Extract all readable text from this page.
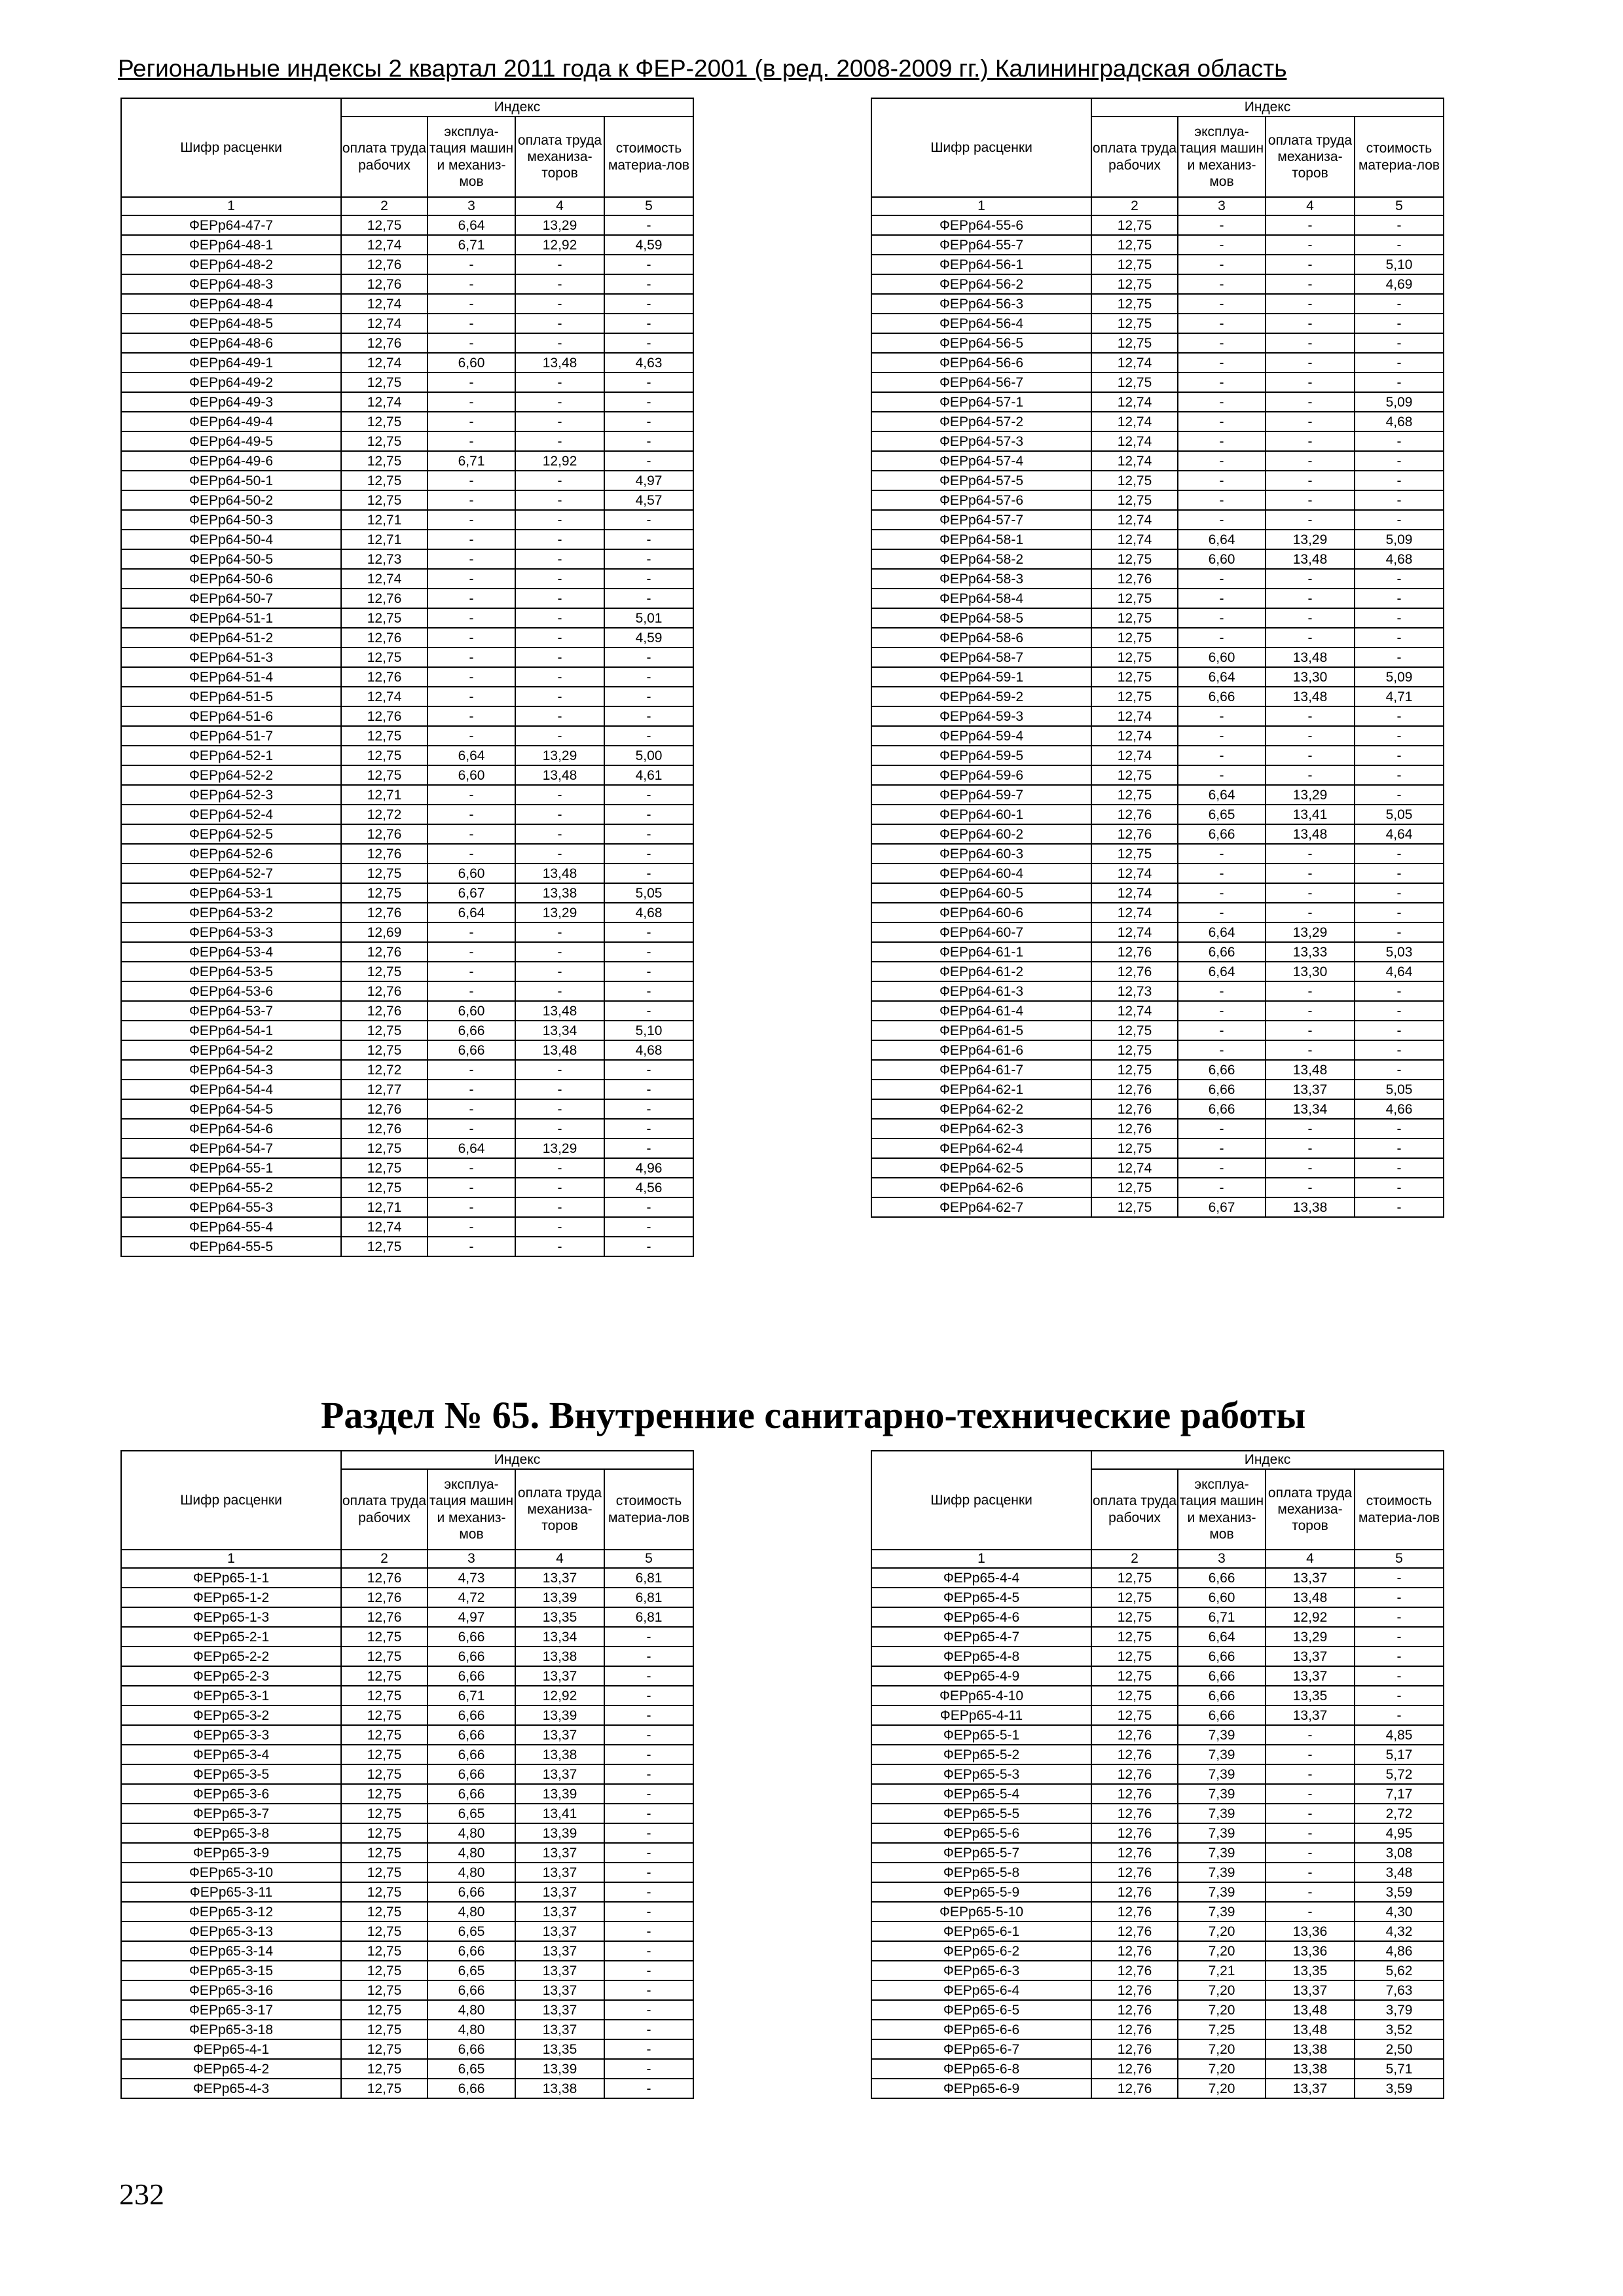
Региональные индексы 2 квартал 2011 года к ФЕР-2001 (в ред. 2008-2009 гг.) Калининградская область
Шифр расценки	Индекс			
	оплата труда рабочих	эксплуа-тация машин и механиз-мов	оплата труда механиза-торов	стоимость материа-лов
1	2	3	4	5
ФЕРр64-47-7	12,75	6,64	13,29	-
ФЕРр64-48-1	12,74	6,71	12,92	4,59
ФЕРр64-48-2	12,76	-	-	-
ФЕРр64-48-3	12,76	-	-	-
ФЕРр64-48-4	12,74	-	-	-
ФЕРр64-48-5	12,74	-	-	-
ФЕРр64-48-6	12,76	-	-	-
ФЕРр64-49-1	12,74	6,60	13,48	4,63
ФЕРр64-49-2	12,75	-	-	-
ФЕРр64-49-3	12,74	-	-	-
ФЕРр64-49-4	12,75	-	-	-
ФЕРр64-49-5	12,75	-	-	-
ФЕРр64-49-6	12,75	6,71	12,92	-
ФЕРр64-50-1	12,75	-	-	4,97
ФЕРр64-50-2	12,75	-	-	4,57
ФЕРр64-50-3	12,71	-	-	-
ФЕРр64-50-4	12,71	-	-	-
ФЕРр64-50-5	12,73	-	-	-
ФЕРр64-50-6	12,74	-	-	-
ФЕРр64-50-7	12,76	-	-	-
ФЕРр64-51-1	12,75	-	-	5,01
ФЕРр64-51-2	12,76	-	-	4,59
ФЕРр64-51-3	12,75	-	-	-
ФЕРр64-51-4	12,76	-	-	-
ФЕРр64-51-5	12,74	-	-	-
ФЕРр64-51-6	12,76	-	-	-
ФЕРр64-51-7	12,75	-	-	-
ФЕРр64-52-1	12,75	6,64	13,29	5,00
ФЕРр64-52-2	12,75	6,60	13,48	4,61
ФЕРр64-52-3	12,71	-	-	-
ФЕРр64-52-4	12,72	-	-	-
ФЕРр64-52-5	12,76	-	-	-
ФЕРр64-52-6	12,76	-	-	-
ФЕРр64-52-7	12,75	6,60	13,48	-
ФЕРр64-53-1	12,75	6,67	13,38	5,05
ФЕРр64-53-2	12,76	6,64	13,29	4,68
ФЕРр64-53-3	12,69	-	-	-
ФЕРр64-53-4	12,76	-	-	-
ФЕРр64-53-5	12,75	-	-	-
ФЕРр64-53-6	12,76	-	-	-
ФЕРр64-53-7	12,76	6,60	13,48	-
ФЕРр64-54-1	12,75	6,66	13,34	5,10
ФЕРр64-54-2	12,75	6,66	13,48	4,68
ФЕРр64-54-3	12,72	-	-	-
ФЕРр64-54-4	12,77	-	-	-
ФЕРр64-54-5	12,76	-	-	-
ФЕРр64-54-6	12,76	-	-	-
ФЕРр64-54-7	12,75	6,64	13,29	-
ФЕРр64-55-1	12,75	-	-	4,96
ФЕРр64-55-2	12,75	-	-	4,56
ФЕРр64-55-3	12,71	-	-	-
ФЕРр64-55-4	12,74	-	-	-
ФЕРр64-55-5	12,75	-	-	-
Шифр расценки	Индекс			
	оплата труда рабочих	эксплуа-тация машин и механиз-мов	оплата труда механиза-торов	стоимость материа-лов
1	2	3	4	5
ФЕРр64-55-6	12,75	-	-	-
ФЕРр64-55-7	12,75	-	-	-
ФЕРр64-56-1	12,75	-	-	5,10
ФЕРр64-56-2	12,75	-	-	4,69
ФЕРр64-56-3	12,75	-	-	-
ФЕРр64-56-4	12,75	-	-	-
ФЕРр64-56-5	12,75	-	-	-
ФЕРр64-56-6	12,74	-	-	-
ФЕРр64-56-7	12,75	-	-	-
ФЕРр64-57-1	12,74	-	-	5,09
ФЕРр64-57-2	12,74	-	-	4,68
ФЕРр64-57-3	12,74	-	-	-
ФЕРр64-57-4	12,74	-	-	-
ФЕРр64-57-5	12,75	-	-	-
ФЕРр64-57-6	12,75	-	-	-
ФЕРр64-57-7	12,74	-	-	-
ФЕРр64-58-1	12,74	6,64	13,29	5,09
ФЕРр64-58-2	12,75	6,60	13,48	4,68
ФЕРр64-58-3	12,76	-	-	-
ФЕРр64-58-4	12,75	-	-	-
ФЕРр64-58-5	12,75	-	-	-
ФЕРр64-58-6	12,75	-	-	-
ФЕРр64-58-7	12,75	6,60	13,48	-
ФЕРр64-59-1	12,75	6,64	13,30	5,09
ФЕРр64-59-2	12,75	6,66	13,48	4,71
ФЕРр64-59-3	12,74	-	-	-
ФЕРр64-59-4	12,74	-	-	-
ФЕРр64-59-5	12,74	-	-	-
ФЕРр64-59-6	12,75	-	-	-
ФЕРр64-59-7	12,75	6,64	13,29	-
ФЕРр64-60-1	12,76	6,65	13,41	5,05
ФЕРр64-60-2	12,76	6,66	13,48	4,64
ФЕРр64-60-3	12,75	-	-	-
ФЕРр64-60-4	12,74	-	-	-
ФЕРр64-60-5	12,74	-	-	-
ФЕРр64-60-6	12,74	-	-	-
ФЕРр64-60-7	12,74	6,64	13,29	-
ФЕРр64-61-1	12,76	6,66	13,33	5,03
ФЕРр64-61-2	12,76	6,64	13,30	4,64
ФЕРр64-61-3	12,73	-	-	-
ФЕРр64-61-4	12,74	-	-	-
ФЕРр64-61-5	12,75	-	-	-
ФЕРр64-61-6	12,75	-	-	-
ФЕРр64-61-7	12,75	6,66	13,48	-
ФЕРр64-62-1	12,76	6,66	13,37	5,05
ФЕРр64-62-2	12,76	6,66	13,34	4,66
ФЕРр64-62-3	12,76	-	-	-
ФЕРр64-62-4	12,75	-	-	-
ФЕРр64-62-5	12,74	-	-	-
ФЕРр64-62-6	12,75	-	-	-
ФЕРр64-62-7	12,75	6,67	13,38	-
Раздел № 65. Внутренние санитарно-технические работы
Шифр расценки	Индекс			
	оплата труда рабочих	эксплуа-тация машин и механиз-мов	оплата труда механиза-торов	стоимость материа-лов
1	2	3	4	5
ФЕРр65-1-1	12,76	4,73	13,37	6,81
ФЕРр65-1-2	12,76	4,72	13,39	6,81
ФЕРр65-1-3	12,76	4,97	13,35	6,81
ФЕРр65-2-1	12,75	6,66	13,34	-
ФЕРр65-2-2	12,75	6,66	13,38	-
ФЕРр65-2-3	12,75	6,66	13,37	-
ФЕРр65-3-1	12,75	6,71	12,92	-
ФЕРр65-3-2	12,75	6,66	13,39	-
ФЕРр65-3-3	12,75	6,66	13,37	-
ФЕРр65-3-4	12,75	6,66	13,38	-
ФЕРр65-3-5	12,75	6,66	13,37	-
ФЕРр65-3-6	12,75	6,66	13,39	-
ФЕРр65-3-7	12,75	6,65	13,41	-
ФЕРр65-3-8	12,75	4,80	13,39	-
ФЕРр65-3-9	12,75	4,80	13,37	-
ФЕРр65-3-10	12,75	4,80	13,37	-
ФЕРр65-3-11	12,75	6,66	13,37	-
ФЕРр65-3-12	12,75	4,80	13,37	-
ФЕРр65-3-13	12,75	6,65	13,37	-
ФЕРр65-3-14	12,75	6,66	13,37	-
ФЕРр65-3-15	12,75	6,65	13,37	-
ФЕРр65-3-16	12,75	6,66	13,37	-
ФЕРр65-3-17	12,75	4,80	13,37	-
ФЕРр65-3-18	12,75	4,80	13,37	-
ФЕРр65-4-1	12,75	6,66	13,35	-
ФЕРр65-4-2	12,75	6,65	13,39	-
ФЕРр65-4-3	12,75	6,66	13,38	-
Шифр расценки	Индекс			
	оплата труда рабочих	эксплуа-тация машин и механиз-мов	оплата труда механиза-торов	стоимость материа-лов
1	2	3	4	5
ФЕРр65-4-4	12,75	6,66	13,37	-
ФЕРр65-4-5	12,75	6,60	13,48	-
ФЕРр65-4-6	12,75	6,71	12,92	-
ФЕРр65-4-7	12,75	6,64	13,29	-
ФЕРр65-4-8	12,75	6,66	13,37	-
ФЕРр65-4-9	12,75	6,66	13,37	-
ФЕРр65-4-10	12,75	6,66	13,35	-
ФЕРр65-4-11	12,75	6,66	13,37	-
ФЕРр65-5-1	12,76	7,39	-	4,85
ФЕРр65-5-2	12,76	7,39	-	5,17
ФЕРр65-5-3	12,76	7,39	-	5,72
ФЕРр65-5-4	12,76	7,39	-	7,17
ФЕРр65-5-5	12,76	7,39	-	2,72
ФЕРр65-5-6	12,76	7,39	-	4,95
ФЕРр65-5-7	12,76	7,39	-	3,08
ФЕРр65-5-8	12,76	7,39	-	3,48
ФЕРр65-5-9	12,76	7,39	-	3,59
ФЕРр65-5-10	12,76	7,39	-	4,30
ФЕРр65-6-1	12,76	7,20	13,36	4,32
ФЕРр65-6-2	12,76	7,20	13,36	4,86
ФЕРр65-6-3	12,76	7,21	13,35	5,62
ФЕРр65-6-4	12,76	7,20	13,37	7,63
ФЕРр65-6-5	12,76	7,20	13,48	3,79
ФЕРр65-6-6	12,76	7,25	13,48	3,52
ФЕРр65-6-7	12,76	7,20	13,38	2,50
ФЕРр65-6-8	12,76	7,20	13,38	5,71
ФЕРр65-6-9	12,76	7,20	13,37	3,59
232
